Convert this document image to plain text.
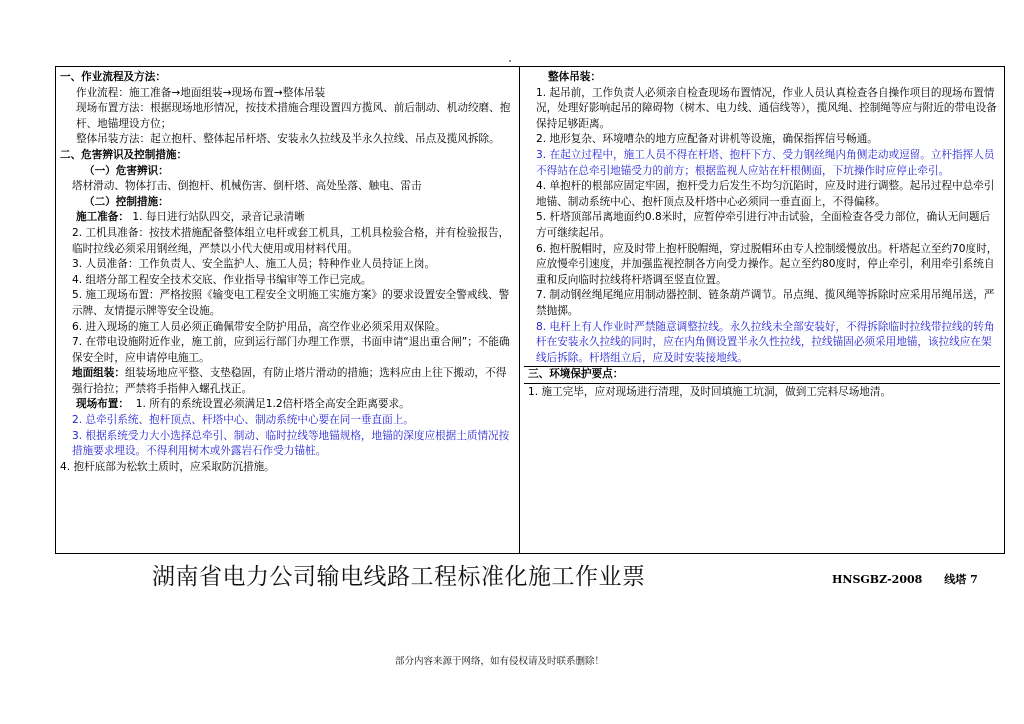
一、作业流程及方法：

作业流程：施工准备→地面组装→现场布置→整体吊装

现场布置方法：根据现场地形情况，按技术措施合理设置四方揽风、前后制动、机动绞磨、抱杆、地锚埋设方位；

整体吊装方法：起立抱杆、整体起吊杆塔、安装永久拉线及半永久拉线、吊点及揽风拆除。

二、危害辨识及控制措施：

（一）危害辨识：

塔材滑动、物体打击、倒抱杆、机械伤害、倒杆塔、高处坠落、触电、雷击

（二）控制措施：

施工准备： 1. 每日进行站队四交，录音记录清晰

2. 工机具准备：按技术措施配备整体组立电杆或套工机具，工机具检验合格，并有检验报告，临时拉线必须采用钢丝绳，严禁以小代大使用或用材料代用。

3. 人员准备：工作负责人、安全监护人、施工人员；特种作业人员持证上岗。

4. 组塔分部工程安全技术交底、作业指导书编审等工作已完成。

5. 施工现场布置：严格按照《输变电工程安全文明施工实施方案》的要求设置安全警戒线、警示牌、友情提示牌等安全设施。

6. 进入现场的施工人员必须正确佩带安全防护用品，高空作业必须采用双保险。

7. 在带电设施附近作业，施工前，应到运行部门办理工作票，书面申请“退出重合闸”；不能确保安全时，应申请停电施工。

地面组装：组装场地应平整、支垫稳固，有防止塔片滑动的措施；选料应由上往下搬动，不得强行拾拉；严禁将手指伸入螺孔找正。

现场布置： 1. 所有的系统设置必须满足1.2倍杆塔全高安全距离要求。

2. 总牵引系统、抱杆顶点、杆塔中心、制动系统中心要在同一垂直面上。

3. 根据系统受力大小选择总牵引、制动、临时拉线等地锚规格，地锚的深度应根据土质情况按措施要求埋设。不得利用树木或外露岩石作受力锚桩。

4. 抱杆底部为松软土质时，应采取防沉措施。

整体吊装：

1. 起吊前，工作负责人必须亲自检查现场布置情况，作业人员认真检查各自操作项目的现场布置情况，处理好影响起吊的障碍物（树木、电力线、通信线等），揽风绳、控制绳等应与附近的带电设备保持足够距离。

2. 地形复杂、环境嘈杂的地方应配备对讲机等设施，确保指挥信号畅通。

3. 在起立过程中，施工人员不得在杆塔、抱杆下方、受力钢丝绳内角侧走动或逗留。立杆指挥人员不得站在总牵引地锚受力的前方；根据监视人应站在杆根侧面，下坑操作时应停止牵引。

4. 单抱杆的根部应固定牢固，抱杆受力后发生不均匀沉陷时，应及时进行调整。起吊过程中总牵引地锚、制动系统中心、抱杆顶点及杆塔中心必须同一垂直面上，不得偏移。

5. 杆塔顶部吊离地面约0.8米时，应暂停牵引进行冲击试验，全面检查各受力部位，确认无问题后方可继续起吊。

6. 抱杆脱帽时，应及时带上抱杆脱帽绳，穿过脱帽环由专人控制缓慢放出。杆塔起立至约70度时，应放慢牵引速度，并加强监视控制各方向受力操作。起立至约80度时，停止牵引，利用牵引系统自重和反向临时拉线将杆塔调至竖直位置。

7. 制动钢丝绳尾绳应用制动器控制、链条葫芦调节。吊点绳、揽风绳等拆除时应采用吊绳吊送，严禁抛掷。

8. 电杆上有人作业时严禁随意调整拉线。永久拉线未全部安装好，不得拆除临时拉线带拉线的转角杆在安装永久拉线的同时，应在内角侧设置半永久性拉线，拉线锚固必须采用地锚，该拉线应在架线后拆除。杆塔组立后，应及时安装接地线。

三、环境保护要点：

1. 施工完毕，应对现场进行清理，及时回填施工坑洞，做到工完料尽场地清。

湖南省电力公司输电线路工程标准化施工作业票	HNSGBZ-2008 线塔 7
部分内容来源于网络，如有侵权请及时联系删除！
